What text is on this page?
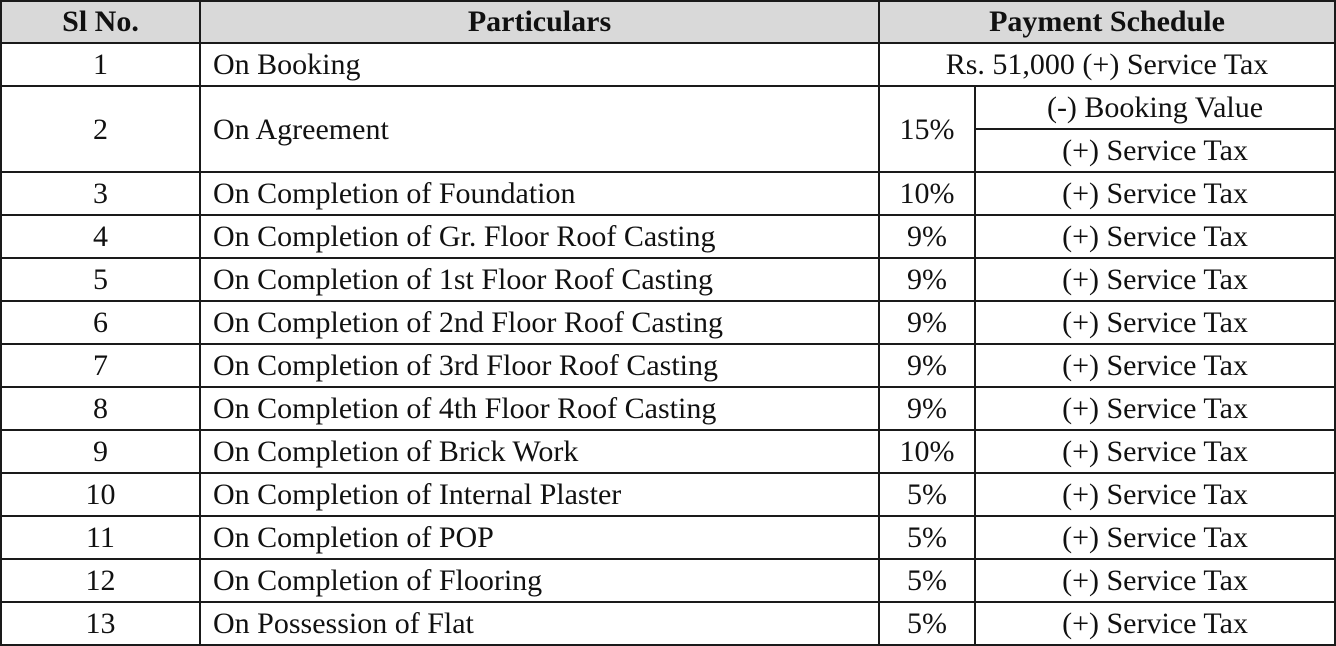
Sl No.	Particulars	Payment Schedule	
1	On Booking	Rs. 51,000 (+) Service Tax	
2	On Agreement	15%	(-) Booking Value
			(+) Service Tax
3	On Completion of Foundation	10%	(+) Service Tax
4	On Completion of Gr. Floor Roof Casting	9%	(+) Service Tax
5	On Completion of 1st Floor Roof Casting	9%	(+) Service Tax
6	On Completion of 2nd Floor Roof Casting	9%	(+) Service Tax
7	On Completion of 3rd Floor Roof Casting	9%	(+) Service Tax
8	On Completion of 4th Floor Roof Casting	9%	(+) Service Tax
9	On Completion of Brick Work	10%	(+) Service Tax
10	On Completion of Internal Plaster	5%	(+) Service Tax
11	On Completion of POP	5%	(+) Service Tax
12	On Completion of Flooring	5%	(+) Service Tax
13	On Possession of Flat	5%	(+) Service Tax
